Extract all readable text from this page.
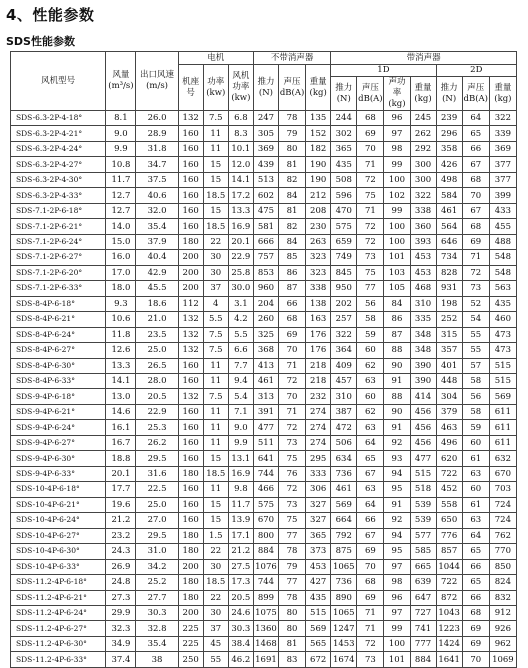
4、性能参数
SDS性能参数
风机型号	风量(m³/s)	出口风速(m/s)	电机			不带消声器			带消声器						
			机座号	功率(kw)	风机功率(kw)	推力(N)	声压dB(A)	重量(kg)	1D				2D		
									推力(N)	声压dB(A)	声功率(kg)	重量(kg)	推力(N)	声压dB(A)	重量(kg)
SDS-6.3-2P-4-18°	8.1	26.0	132	7.5	6.8	247	78	135	244	68	96	245	239	64	322
SDS-6.3-2P-4-21°	9.0	28.9	160	11	8.3	305	79	152	302	69	97	262	296	65	339
SDS-6.3-2P-4-24°	9.9	31.8	160	11	10.1	369	80	182	365	70	98	292	358	66	369
SDS-6.3-2P-4-27°	10.8	34.7	160	15	12.0	439	81	190	435	71	99	300	426	67	377
SDS-6.3-2P-4-30°	11.7	37.5	160	15	14.1	513	82	190	508	72	100	300	498	68	377
SDS-6.3-2P-4-33°	12.7	40.6	160	18.5	17.2	602	84	212	596	75	102	322	584	70	399
SDS-7.1-2P-6-18°	12.7	32.0	160	15	13.3	475	81	208	470	71	99	338	461	67	433
SDS-7.1-2P-6-21°	14.0	35.4	160	18.5	16.9	581	82	230	575	72	100	360	564	68	455
SDS-7.1-2P-6-24°	15.0	37.9	180	22	20.1	666	84	263	659	72	100	393	646	69	488
SDS-7.1-2P-6-27°	16.0	40.4	200	30	22.9	757	85	323	749	73	101	453	734	71	548
SDS-7.1-2P-6-20°	17.0	42.9	200	30	25.8	853	86	323	845	75	103	453	828	72	548
SDS-7.1-2P-6-33°	18.0	45.5	200	37	30.0	960	87	338	950	77	105	468	931	73	563
SDS-8-4P-6-18°	9.3	18.6	112	4	3.1	204	66	138	202	56	84	310	198	52	435
SDS-8-4P-6-21°	10.6	21.0	132	5.5	4.2	260	68	163	257	58	86	335	252	54	460
SDS-8-4P-6-24°	11.8	23.5	132	7.5	5.5	325	69	176	322	59	87	348	315	55	473
SDS-8-4P-6-27°	12.6	25.0	132	7.5	6.6	368	70	176	364	60	88	348	357	55	473
SDS-8-4P-6-30°	13.3	26.5	160	11	7.7	413	71	218	409	62	90	390	401	57	515
SDS-8-4P-6-33°	14.1	28.0	160	11	9.4	461	72	218	457	63	91	390	448	58	515
SDS-9-4P-6-18°	13.0	20.5	132	7.5	5.4	313	70	232	310	60	88	414	304	56	569
SDS-9-4P-6-21°	14.6	22.9	160	11	7.1	391	71	274	387	62	90	456	379	58	611
SDS-9-4P-6-24°	16.1	25.3	160	11	9.0	477	72	274	472	63	91	456	463	59	611
SDS-9-4P-6-27°	16.7	26.2	160	11	9.9	511	73	274	506	64	92	456	496	60	611
SDS-9-4P-6-30°	18.8	29.5	160	15	13.1	641	75	295	634	65	93	477	620	61	632
SDS-9-4P-6-33°	20.1	31.6	180	18.5	16.9	744	76	333	736	67	94	515	722	63	670
SDS-10-4P-6-18°	17.7	22.5	160	11	9.8	466	72	306	461	63	95	518	452	60	703
SDS-10-4P-6-21°	19.6	25.0	160	15	11.7	575	73	327	569	64	91	539	558	61	724
SDS-10-4P-6-24°	21.2	27.0	160	15	13.9	670	75	327	664	66	92	539	650	63	724
SDS-10-4P-6-27°	23.2	29.5	180	1.5	17.1	800	77	365	792	67	94	577	776	64	762
SDS-10-4P-6-30°	24.3	31.0	180	22	21.2	884	78	373	875	69	95	585	857	65	770
SDS-10-4P-6-33°	26.9	34.2	200	30	27.5	1076	79	453	1065	70	97	665	1044	66	850
SDS-11.2-4P-6-18°	24.8	25.2	180	18.5	17.3	744	77	427	736	68	98	639	722	65	824
SDS-11.2-4P-6-21°	27.3	27.7	180	22	20.5	899	78	435	890	69	96	647	872	66	832
SDS-11.2-4P-6-24°	29.9	30.3	200	30	24.6	1075	80	515	1065	71	97	727	1043	68	912
SDS-11.2-4P-6-27°	32.3	32.8	225	37	30.3	1360	80	569	1247	71	99	741	1223	69	926
SDS-11.2-4P-6-30°	34.9	35.4	225	45	38.4	1468	81	565	1453	72	100	777	1424	69	962
SDS-11.2-4P-6-33°	37.4	38	250	55	46.2	1691	83	672	1674	73	101	884	1641	70	1069
